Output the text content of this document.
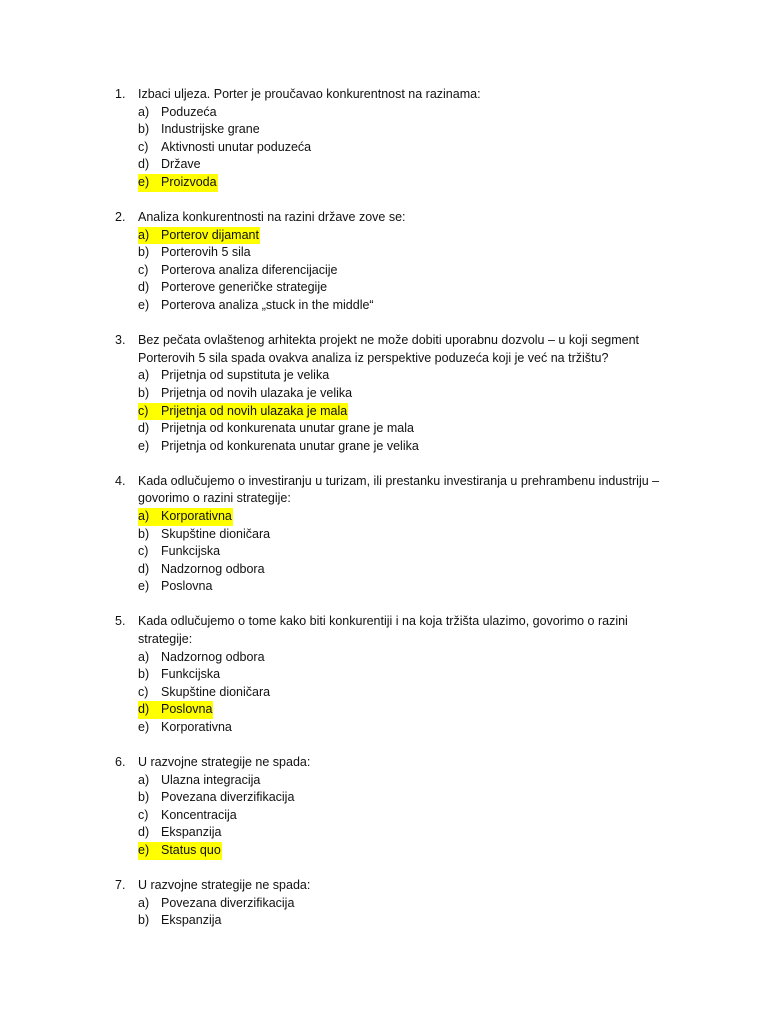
1.	Izbaci uljeza. Porter je proučavao konkurentnost na razinama:
a) Poduzeća
b) Industrijske grane
c)	Aktivnosti unutar poduzeća
d) Države
e) Proizvoda
2.	Analiza konkurentnosti na razini države zove se:
a) Porterov dijamant
b) Porterovih 5 sila
c)	Porterova analiza diferencijacije
d) Porterove generičke strategije
e) Porterova analiza „stuck in the middle“
3.	Bez pečata ovlaštenog arhitekta projekt ne može dobiti uporabnu dozvolu – u koji segment Porterovih 5 sila spada ovakva analiza iz perspektive poduzeća koji je već na tržištu?
a) Prijetnja od supstituta je velika
b) Prijetnja od novih ulazaka je velika
c)	Prijetnja od novih ulazaka je mala
d) Prijetnja od konkurenata unutar grane je mala
e) Prijetnja od konkurenata unutar grane je velika
4.	Kada odlučujemo o investiranju u turizam, ili prestanku investiranja u prehrambenu industriju – govorimo o razini strategije:
a) Korporativna
b) Skupštine dioničara
c)	Funkcijska
d) Nadzornog odbora
e) Poslovna
5.	Kada odlučujemo o tome kako biti konkurentiji i na koja tržišta ulazimo, govorimo o razini strategije:
a) Nadzornog odbora
b) Funkcijska
c)	Skupštine dioničara
d) Poslovna
e) Korporativna
6.	U razvojne strategije ne spada:
a) Ulazna integracija
b) Povezana diverzifikacija
c)	Koncentracija
d) Ekspanzija
e) Status quo
7.	U razvojne strategije ne spada:
a) Povezana diverzifikacija
b) Ekspanzija
